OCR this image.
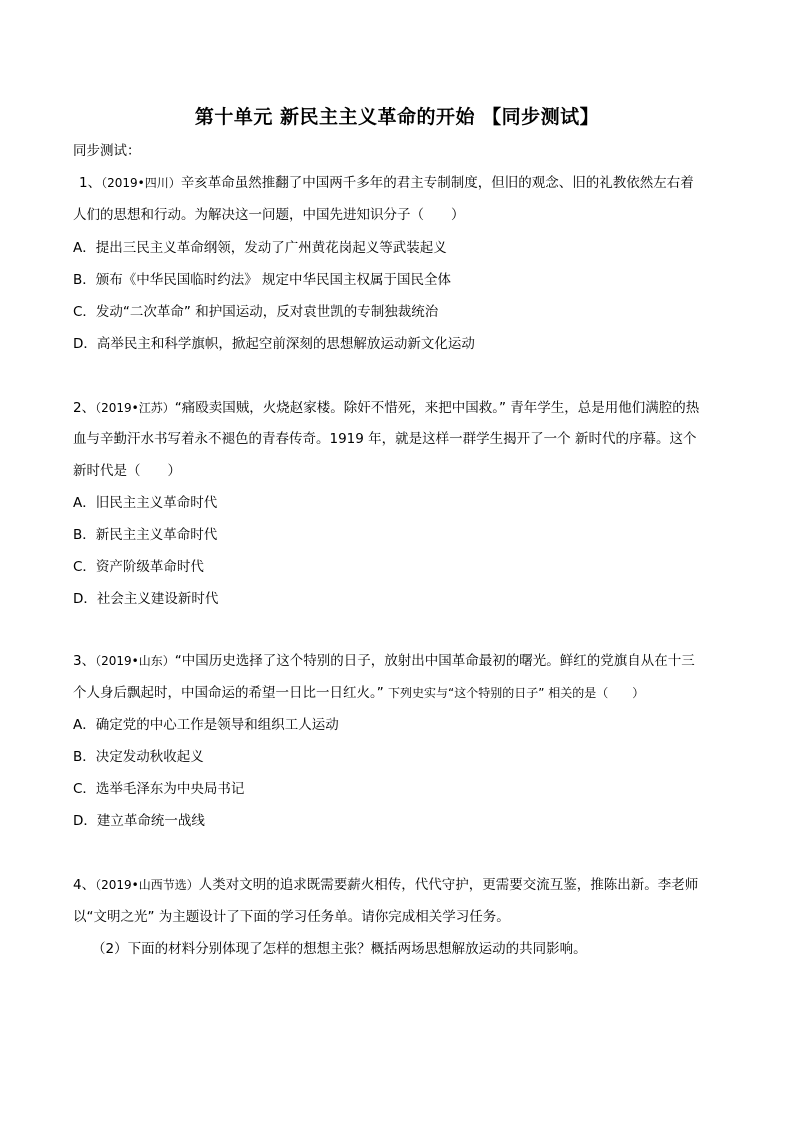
第十单元 新民主主义革命的开始 【同步测试】
同步测试：
1、（2019•四川）辛亥革命虽然推翻了中国两千多年的君主专制制度，但旧的观念、旧的礼教依然左右着
人们的思想和行动。为解决这一问题，中国先进知识分子（　　）
A．提出三民主义革命纲领，发动了广州黄花岗起义等武装起义
B．颁布《中华民国临时约法》 规定中华民国主权属于国民全体
C．发动“二次革命” 和护国运动，反对袁世凯的专制独裁统治
D．高举民主和科学旗帜，掀起空前深刻的思想解放运动新文化运动
2、（2019•江苏）“痛殴卖国贼，火烧赵家楼。除奸不惜死，来把中国救。” 青年学生，总是用他们满腔的热
血与辛勤汗水书写着永不褪色的青春传奇。1919 年，就是这样一群学生揭开了一个 新时代的序幕。这个
新时代是（　　）
A．旧民主主义革命时代
B．新民主主义革命时代
C．资产阶级革命时代
D．社会主义建设新时代
3、（2019•山东）“中国历史选择了这个特别的日子，放射出中国革命最初的曙光。鲜红的党旗自从在十三
个人身后飘起时，中国命运的希望一日比一日红火。” 下列史实与“这个特别的日子” 相关的是（　　）
A．确定党的中心工作是领导和组织工人运动
B．决定发动秋收起义
C．选举毛泽东为中央局书记
D．建立革命统一战线
4、（2019•山西节选）人类对文明的追求既需要薪火相传，代代守护，更需要交流互鉴，推陈出新。李老师
以“文明之光” 为主题设计了下面的学习任务单。请你完成相关学习任务。
（2）下面的材料分别体现了怎样的想想主张？概括两场思想解放运动的共同影响。
